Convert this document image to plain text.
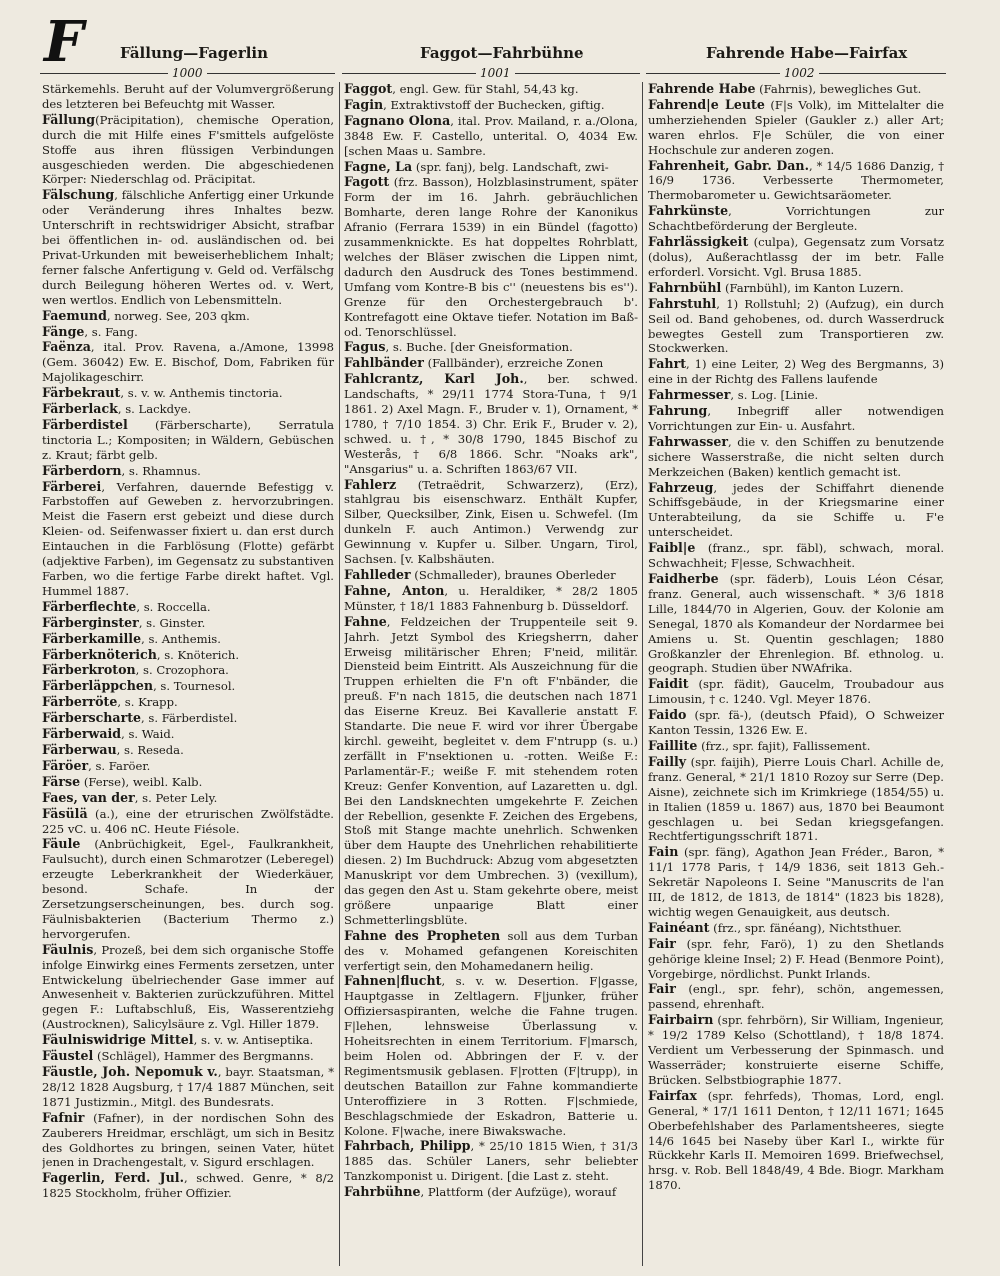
F Fällung—Fagerlin	Faggot—Fahrbühne	Fahrende Habe—Fairfax
1000	1001	1002
Stärkemehls. Beruht auf der Volumvergrößerung des letzteren bei Befeuchtg mit Wasser.
Fällung(Präcipitation), chemische Operation, durch die mit Hilfe eines F'smittels aufgelöste Stoffe aus ihren flüssigen Verbindungen ausgeschieden werden. Die abgeschiedenen Körper: Niederschlag od. Präcipitat.
Fälschung, fälschliche Anfertigg einer Urkunde oder Veränderung ihres Inhaltes bezw. Unterschrift in rechtswidriger Absicht, strafbar bei öffentlichen in- od. ausländischen od. bei Privat-Urkunden mit beweiserheblichem Inhalt; ferner falsche Anfertigung v. Geld od. Verfälschg durch Beilegung höheren Wertes od. v. Wert, wen wertlos. Endlich von Lebensmitteln.
Faemund, norweg. See, 203 qkm.
Fänge, s. Fang.
Faënza, ital. Prov. Ravena, a./Amone, 13998 (Gem. 36042) Ew. E. Bischof, Dom, Fabriken für Majolikageschirr.
Färbekraut, s. v. w. Anthemis tinctoria.
Färberlack, s. Lackdye.
Färberdistel (Färberscharte), Serratula tinctoria L.; Kompositen; in Wäldern, Gebüschen z. Kraut; färbt gelb.
Färberdorn, s. Rhamnus.
Färberei, Verfahren, dauernde Befestigg v. Farbstoffen auf Geweben z. hervorzubringen. Meist die Fasern erst gebeizt und diese durch Kleien- od. Seifenwasser fixiert u. dan erst durch Eintauchen in die Farblösung (Flotte) gefärbt (adjektive Farben), im Gegensatz zu substantiven Farben, wo die fertige Farbe direkt haftet. Vgl. Hummel 1887.
Färberflechte, s. Roccella.
Färberginster, s. Ginster.
Färberkamille, s. Anthemis.
Färberknöterich, s. Knöterich.
Färberkroton, s. Crozophora.
Färberläppchen, s. Tournesol.
Färberröte, s. Krapp.
Färberscharte, s. Färberdistel.
Färberwaid, s. Waid.
Färberwau, s. Reseda.
Färöer, s. Faröer.
Färse (Ferse), weibl. Kalb.
Faes, van der, s. Peter Lely.
Fäsülä (a.), eine der etrurischen Zwölfstädte. 225 vC. u. 406 nC. Heute Fiésole.
Fäule (Anbrüchigkeit, Egel-, Faulkrankheit, Faulsucht), durch einen Schmarotzer (Leberegel) erzeugte Leberkrankheit der Wiederkäuer, besond. Schafe. In der Zersetzungserscheinungen, bes. durch sog. Fäulnisbakterien (Bacterium Thermo z.) hervorgerufen.
Fäulnis, Prozeß, bei dem sich organische Stoffe infolge Einwirkg eines Ferments zersetzen, unter Entwickelung übelriechender Gase immer auf Anwesenheit v. Bakterien zurückzuführen. Mittel gegen F.: Luftabschluß, Eis, Wasserentziehg (Austrocknen), Salicylsäure z. Vgl. Hiller 1879.
Fäulniswidrige Mittel, s. v. w. Antiseptika.
Fäustel (Schlägel), Hammer des Bergmanns.
Fäustle, Joh. Nepomuk v., bayr. Staatsman, * 28/12 1828 Augsburg, † 17/4 1887 München, seit 1871 Justizmin., Mitgl. des Bundesrats.
Fafnir (Fafner), in der nordischen Sohn des Zauberers Hreidmar, erschlägt, um sich in Besitz des Goldhortes zu bringen, seinen Vater, hütet jenen in Drachengestalt, v. Sigurd erschlagen.
Fagerlin, Ferd. Jul., schwed. Genre, * 8/2 1825 Stockholm, früher Offizier.
Faggot, engl. Gew. für Stahl, 54,43 kg.
Fagin, Extraktivstoff der Buchecken, giftig.
Fagnano Olona, ital. Prov. Mailand, r. a./Olona, 3848 Ew. F. Castello, unterital. O, 4034 Ew. [schen Maas u. Sambre.
Fagne, La (spr. fanj), belg. Landschaft, zwi-
Fagott (frz. Basson), Holzblasinstrument, später Form der im 16. Jahrh. gebräuchlichen Bomharte, deren lange Rohre der Kanonikus Afranio (Ferrara 1539) in ein Bündel (fagotto) zusammenknickte. Es hat doppeltes Rohrblatt, welches der Bläser zwischen die Lippen nimt, dadurch den Ausdruck des Tones bestimmend. Umfang vom Kontre-B bis c'' (neuestens bis es''). Grenze für den Orchestergebrauch b'. Kontrefagott eine Oktave tiefer. Notation im Baß- od. Tenorschlüssel.
Fagus, s. Buche. [der Gneisformation.
Fahlbänder (Fallbänder), erzreiche Zonen
Fahlcrantz, Karl Joh., ber. schwed. Landschafts, * 29/11 1774 Stora-Tuna, † 9/1 1861. 2) Axel Magn. F., Bruder v. 1), Ornament, * 1780, † 7/10 1854. 3) Chr. Erik F., Bruder v. 2), schwed. u. †, * 30/8 1790, 1845 Bischof zu Westerås, † 6/8 1866. Schr. "Noaks ark", "Ansgarius" u. a. Schriften 1863/67 VII.
Fahlerz (Tetraëdrit, Schwarzerz), (Erz), stahlgrau bis eisenschwarz. Enthält Kupfer, Silber, Quecksilber, Zink, Eisen u. Schwefel. (Im dunkeln F. auch Antimon.) Verwendg zur Gewinnung v. Kupfer u. Silber. Ungarn, Tirol, Sachsen. [v. Kalbshäuten.
Fahlleder (Schmalleder), braunes Oberleder
Fahne, Anton, u. Heraldiker, * 28/2 1805 Münster, † 18/1 1883 Fahnenburg b. Düsseldorf.
Fahne, Feldzeichen der Truppenteile seit 9. Jahrh. Jetzt Symbol des Kriegsherrn, daher Erweisg militärischer Ehren; F'neid, militär. Diensteid beim Eintritt. Als Auszeichnung für die Truppen erhielten die F'n oft F'nbänder, die preuß. F'n nach 1815, die deutschen nach 1871 das Eiserne Kreuz. Bei Kavallerie anstatt F. Standarte. Die neue F. wird vor ihrer Übergabe kirchl. geweiht, begleitet v. dem F'ntrupp (s. u.) zerfällt in F'nsektionen u. -rotten. Weiße F.: Parlamentär-F.; weiße F. mit stehendem roten Kreuz: Genfer Konvention, auf Lazaretten u. dgl. Bei den Landsknechten umgekehrte F. Zeichen der Rebellion, gesenkte F. Zeichen des Ergebens, Stoß mit Stange machte unehrlich. Schwenken über dem Haupte des Unehrlichen rehabilitierte diesen. 2) Im Buchdruck: Abzug vom abgesetzten Manuskript vor dem Umbrechen. 3) (vexillum), das gegen den Ast u. Stam gekehrte obere, meist größere unpaarige Blatt einer Schmetterlingsblüte.
Fahne des Propheten soll aus dem Turban des v. Mohamed gefangenen Koreischiten verfertigt sein, den Mohamedanern heilig.
Fahnen|flucht, s. v. w. Desertion. F|gasse, Hauptgasse in Zeltlagern. F|junker, früher Offiziersaspiranten, welche die Fahne trugen. F|lehen, lehnsweise Überlassung v. Hoheitsrechten in einem Territorium. F|marsch, beim Holen od. Abbringen der F. v. der Regimentsmusik geblasen. F|rotten (F|trupp), in deutschen Bataillon zur Fahne kommandierte Unteroffiziere in 3 Rotten. F|schmiede, Beschlagschmiede der Eskadron, Batterie u. Kolone. F|wache, inere Biwakswache.
Fahrbach, Philipp, * 25/10 1815 Wien, † 31/3 1885 das. Schüler Laners, sehr beliebter Tanzkomponist u. Dirigent. [die Last z. steht.
Fahrbühne, Plattform (der Aufzüge), worauf
Fahrende Habe (Fahrnis), bewegliches Gut.
Fahrend|e Leute (F|s Volk), im Mittelalter die umherziehenden Spieler (Gaukler z.) aller Art; waren ehrlos. F|e Schüler, die von einer Hochschule zur anderen zogen.
Fahrenheit, Gabr. Dan., * 14/5 1686 Danzig, † 16/9 1736. Verbesserte Thermometer, Thermobarometer u. Gewichtsaräometer.
Fahrkünste, Vorrichtungen zur Schachtbeförderung der Bergleute.
Fahrlässigkeit (culpa), Gegensatz zum Vorsatz (dolus), Außerachtlassg der im betr. Falle erforderl. Vorsicht. Vgl. Brusa 1885.
Fahrnbühl (Farnbühl), im Kanton Luzern.
Fahrstuhl, 1) Rollstuhl; 2) (Aufzug), ein durch Seil od. Band gehobenes, od. durch Wasserdruck bewegtes Gestell zum Transportieren zw. Stockwerken.
Fahrt, 1) eine Leiter, 2) Weg des Bergmanns, 3) eine in der Richtg des Fallens laufende
Fahrmesser, s. Log. [Linie.
Fahrung, Inbegriff aller notwendigen Vorrichtungen zur Ein- u. Ausfahrt.
Fahrwasser, die v. den Schiffen zu benutzende sichere Wasserstraße, die nicht selten durch Merkzeichen (Baken) kentlich gemacht ist.
Fahrzeug, jedes der Schiffahrt dienende Schiffsgebäude, in der Kriegsmarine einer Unterabteilung, da sie Schiffe u. F'e unterscheidet.
Faibl|e (franz., spr. fäbl), schwach, moral. Schwachheit; F|esse, Schwachheit.
Faidherbe (spr. fäderb), Louis Léon César, franz. General, auch wissenschaft. * 3/6 1818 Lille, 1844/70 in Algerien, Gouv. der Kolonie am Senegal, 1870 als Komandeur der Nordarmee bei Amiens u. St. Quentin geschlagen; 1880 Großkanzler der Ehrenlegion. Bf. ethnolog. u. geograph. Studien über NWAfrika.
Faidit (spr. fädit), Gaucelm, Troubadour aus Limousin, † c. 1240. Vgl. Meyer 1876.
Faido (spr. fä-), (deutsch Pfaid), O Schweizer Kanton Tessin, 1326 Ew. E.
Faillite (frz., spr. fajit), Fallissement.
Failly (spr. faijih), Pierre Louis Charl. Achille de, franz. General, * 21/1 1810 Rozoy sur Serre (Dep. Aisne), zeichnete sich im Krimkriege (1854/55) u. in Italien (1859 u. 1867) aus, 1870 bei Beaumont geschlagen u. bei Sedan kriegsgefangen. Rechtfertigungsschrift 1871.
Fain (spr. fäng), Agathon Jean Fréder., Baron, * 11/1 1778 Paris, † 14/9 1836, seit 1813 Geh.-Sekretär Napoleons I. Seine "Manuscrits de l'an III, de 1812, de 1813, de 1814" (1823 bis 1828), wichtig wegen Genauigkeit, aus deutsch.
Fainéant (frz., spr. fänéang), Nichtsthuer.
Fair (spr. fehr, Farö), 1) zu den Shetlands gehörige kleine Insel; 2) F. Head (Benmore Point), Vorgebirge, nördlichst. Punkt Irlands.
Fair (engl., spr. fehr), schön, angemessen, passend, ehrenhaft.
Fairbairn (spr. fehrbörn), Sir William, Ingenieur, * 19/2 1789 Kelso (Schottland), † 18/8 1874. Verdient um Verbesserung der Spinmasch. und Wasserräder; konstruierte eiserne Schiffe, Brücken. Selbstbiographie 1877.
Fairfax (spr. fehrfeds), Thomas, Lord, engl. General, * 17/1 1611 Denton, † 12/11 1671; 1645 Oberbefehlshaber des Parlamentsheeres, siegte 14/6 1645 bei Naseby über Karl I., wirkte für Rückkehr Karls II. Memoiren 1699. Briefwechsel, hrsg. v. Rob. Bell 1848/49, 4 Bde. Biogr. Markham 1870.
